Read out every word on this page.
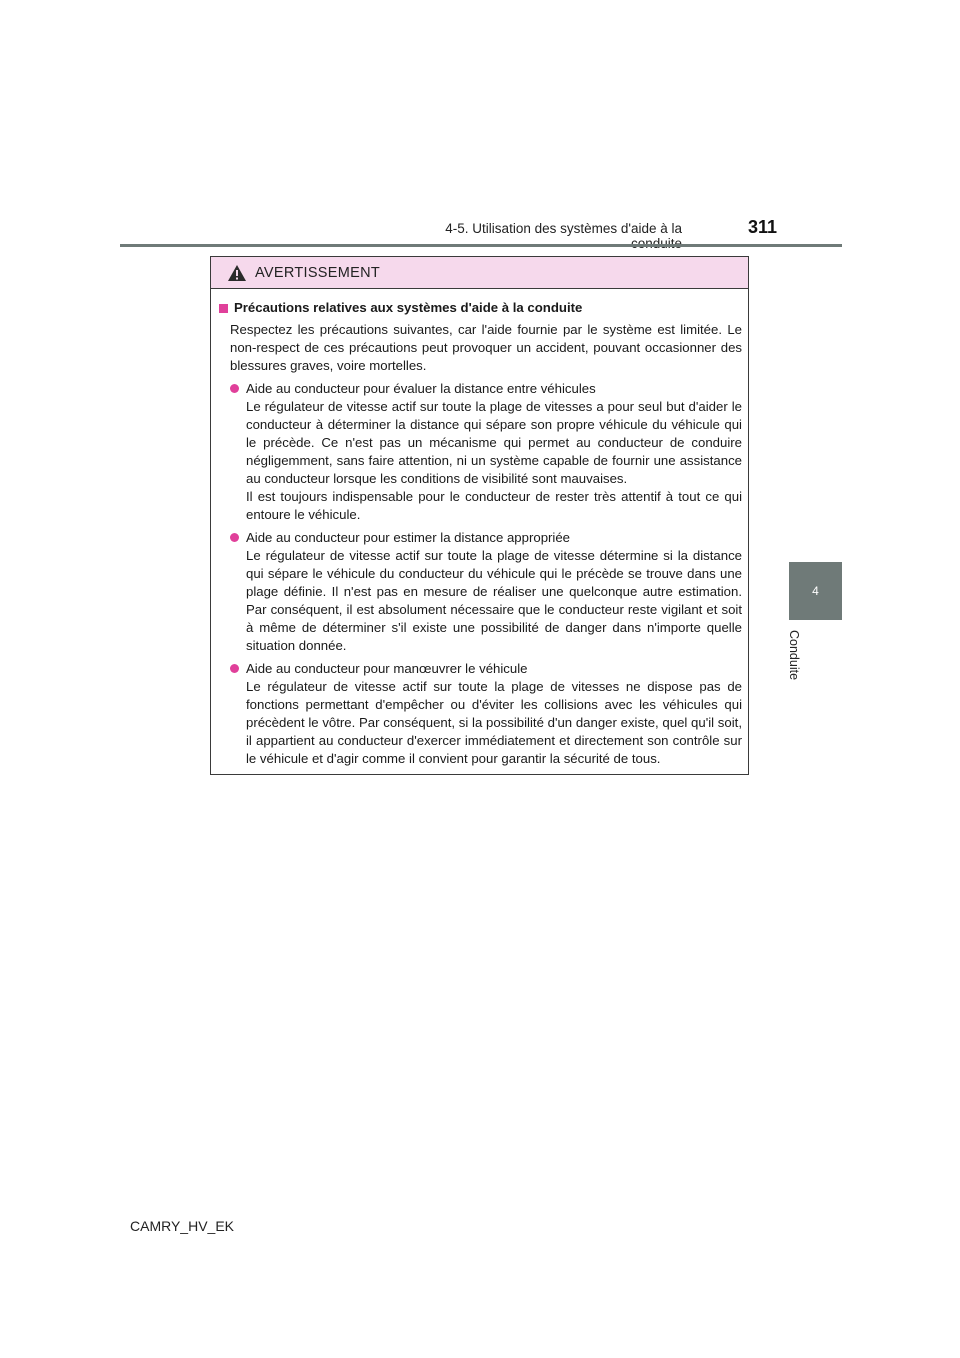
4-5. Utilisation des systèmes d'aide à la	311
4
Conduite
AVERTISSEMENT
Précautions relatives aux systèmes d'aide à la conduite
Respectez les précautions suivantes, car l'aide fournie par le système est limitée. Le non-respect de ces précautions peut provoquer un accident, pouvant occasionner des blessures graves, voire mortelles.

Aide au conducteur pour évaluer la distance entre véhicules

Le régulateur de vitesse actif sur toute la plage de vitesses a pour seul but d'aider le conducteur à déterminer la distance qui sépare son propre véhicule du véhicule qui le précède. Ce n'est pas un mécanisme qui permet au conducteur de conduire négligemment, sans faire attention, ni un système capable de fournir une assistance au conducteur lorsque les conditions de visibilité sont mauvaises.

Il est toujours indispensable pour le conducteur de rester très attentif à tout ce qui entoure le véhicule.

Aide au conducteur pour estimer la distance appropriée

Le régulateur de vitesse actif sur toute la plage de vitesse détermine si la distance qui sépare le véhicule du conducteur du véhicule qui le précède se trouve dans une plage définie. Il n'est pas en mesure de réaliser une quelconque autre estimation. Par conséquent, il est absolument nécessaire que le conducteur reste vigilant et soit à même de déterminer s'il existe une possibilité de danger dans n'importe quelle situation donnée.

Aide au conducteur pour manœuvrer le véhicule

Le régulateur de vitesse actif sur toute la plage de vitesses ne dispose pas de fonctions permettant d'empêcher ou d'éviter les collisions avec les véhicules qui précèdent le vôtre. Par conséquent, si la possibilité d'un danger existe, quel qu'il soit, il appartient au conducteur d'exercer immédiatement et directement son contrôle sur le véhicule et d'agir comme il convient pour garantir la sécurité de tous.

CAMRY_HV_EK
